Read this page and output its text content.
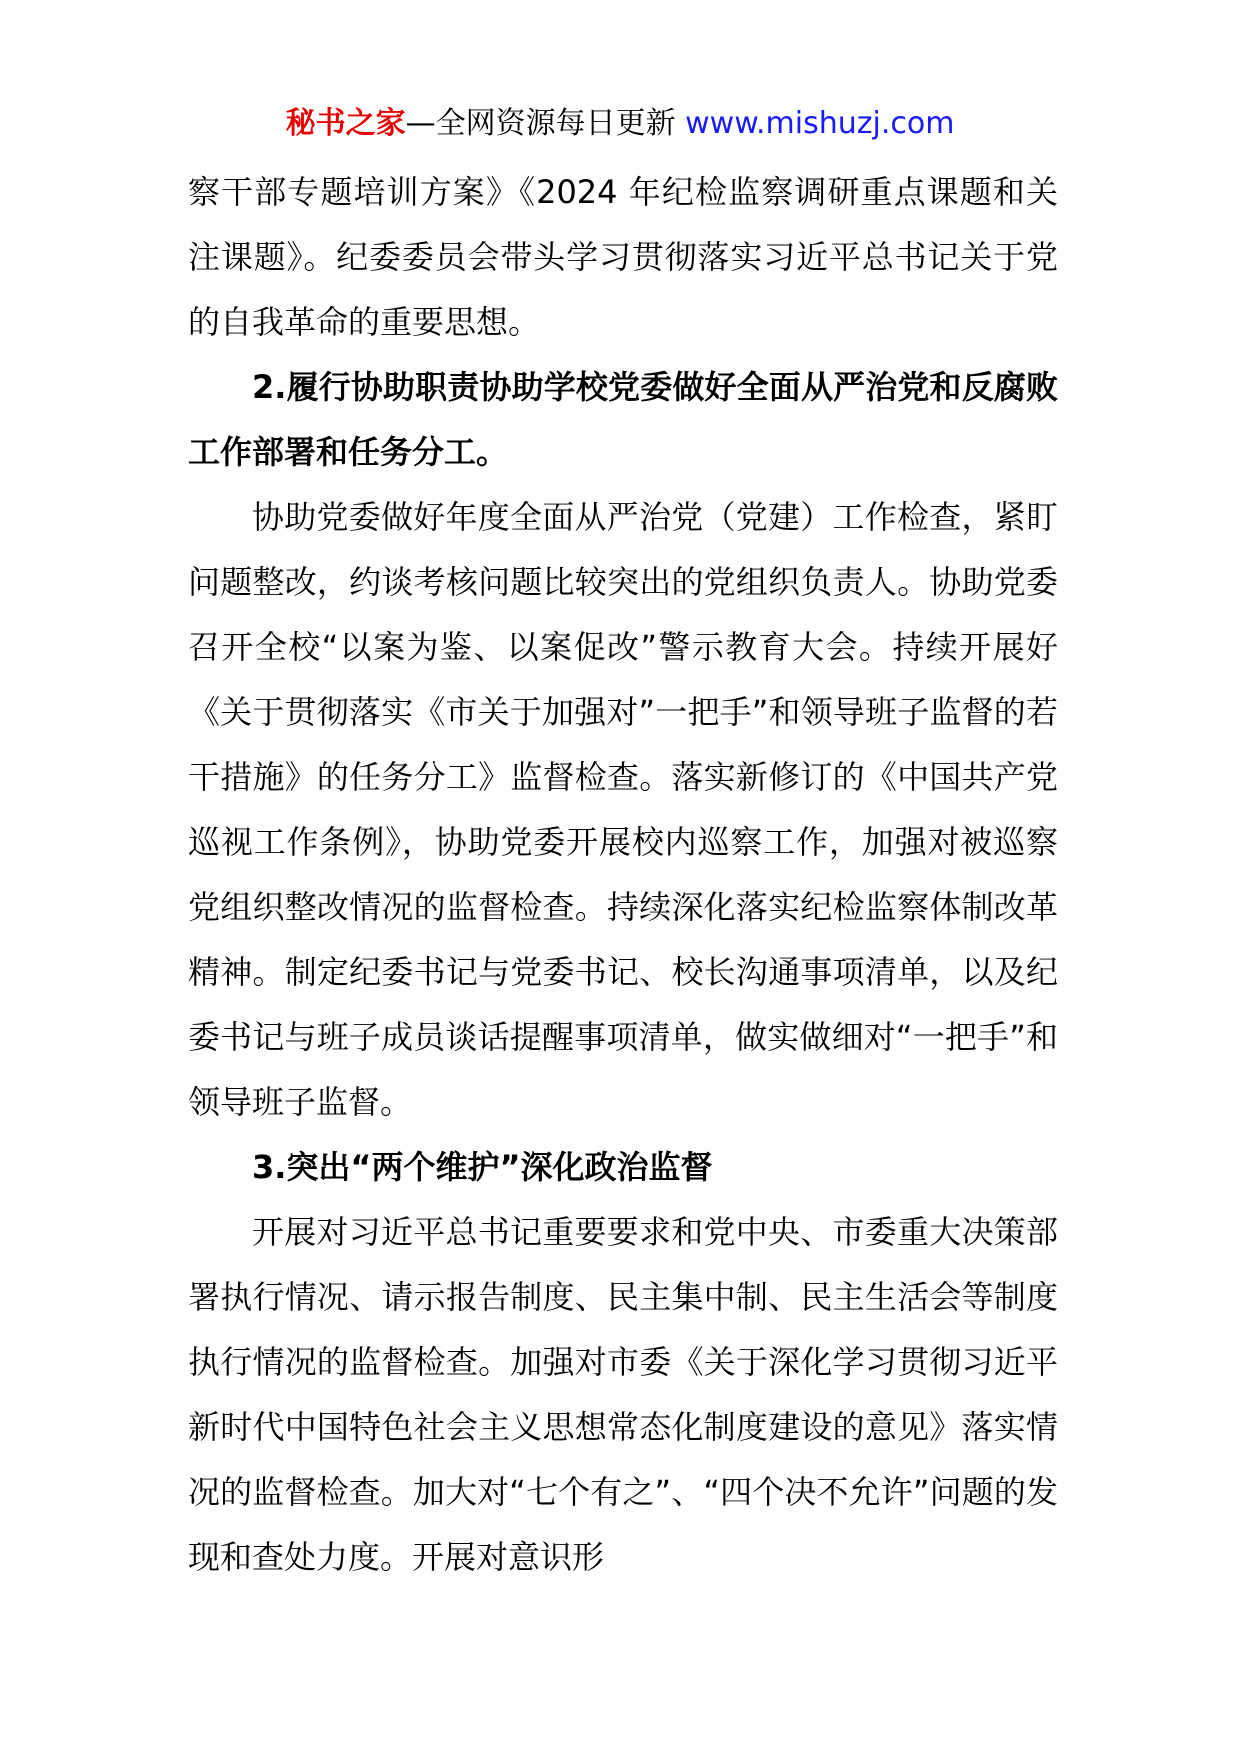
秘书之家—全网资源每日更新 www.mishuzj.com

察干部专题培训方案》《2024 年纪检监察调研重点课题和关注课题》。纪委委员会带头学习贯彻落实习近平总书记关于党的自我革命的重要思想。

2.履行协助职责协助学校党委做好全面从严治党和反腐败工作部署和任务分工。

协助党委做好年度全面从严治党（党建）工作检查，紧盯问题整改，约谈考核问题比较突出的党组织负责人。协助党委召开全校“以案为鉴、以案促改”警示教育大会。持续开展好《关于贯彻落实《市关于加强对”一把手”和领导班子监督的若干措施》的任务分工》监督检查。落实新修订的《中国共产党巡视工作条例》，协助党委开展校内巡察工作，加强对被巡察党组织整改情况的监督检查。持续深化落实纪检监察体制改革精神。制定纪委书记与党委书记、校长沟通事项清单，以及纪委书记与班子成员谈话提醒事项清单，做实做细对“一把手”和领导班子监督。

3.突出“两个维护”深化政治监督

开展对习近平总书记重要要求和党中央、市委重大决策部署执行情况、请示报告制度、民主集中制、民主生活会等制度执行情况的监督检查。加强对市委《关于深化学习贯彻习近平新时代中国特色社会主义思想常态化制度建设的意见》落实情况的监督检查。加大对“七个有之”、“四个决不允许”问题的发现和查处力度。开展对意识形
